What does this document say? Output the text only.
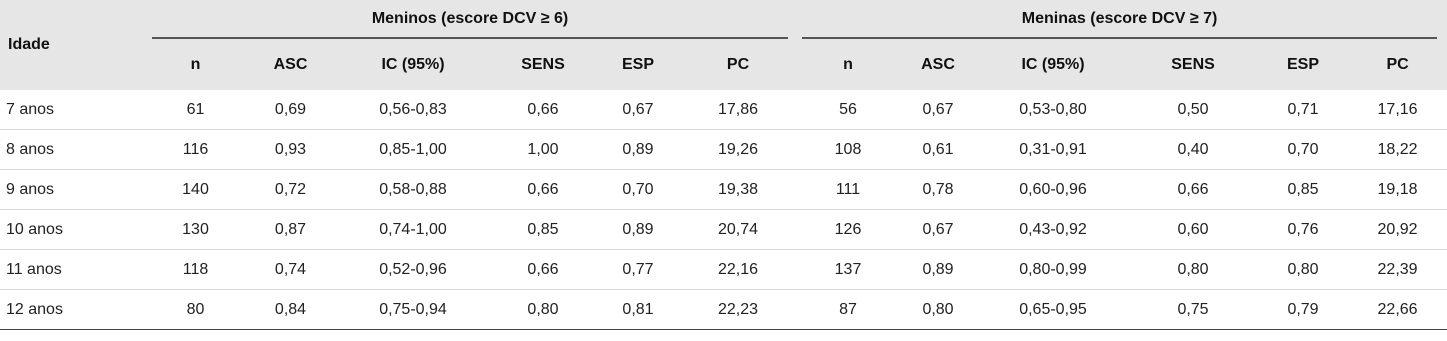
Idade	Meninos (escore DCV ≥ 6)						Meninas (escore DCV ≥ 7)					

	n	ASC	IC (95%)	SENS	ESP	PC	n	ASC	IC (95%)	SENS	ESP	PC
7 anos	61	0,69	0,56-0,83	0,66	0,67	17,86	56	0,67	0,53-0,80	0,50	0,71	17,16
8 anos	116	0,93	0,85-1,00	1,00	0,89	19,26	108	0,61	0,31-0,91	0,40	0,70	18,22
9 anos	140	0,72	0,58-0,88	0,66	0,70	19,38	111	0,78	0,60-0,96	0,66	0,85	19,18
10 anos	130	0,87	0,74-1,00	0,85	0,89	20,74	126	0,67	0,43-0,92	0,60	0,76	20,92
11 anos	118	0,74	0,52-0,96	0,66	0,77	22,16	137	0,89	0,80-0,99	0,80	0,80	22,39
12 anos	80	0,84	0,75-0,94	0,80	0,81	22,23	87	0,80	0,65-0,95	0,75	0,79	22,66
